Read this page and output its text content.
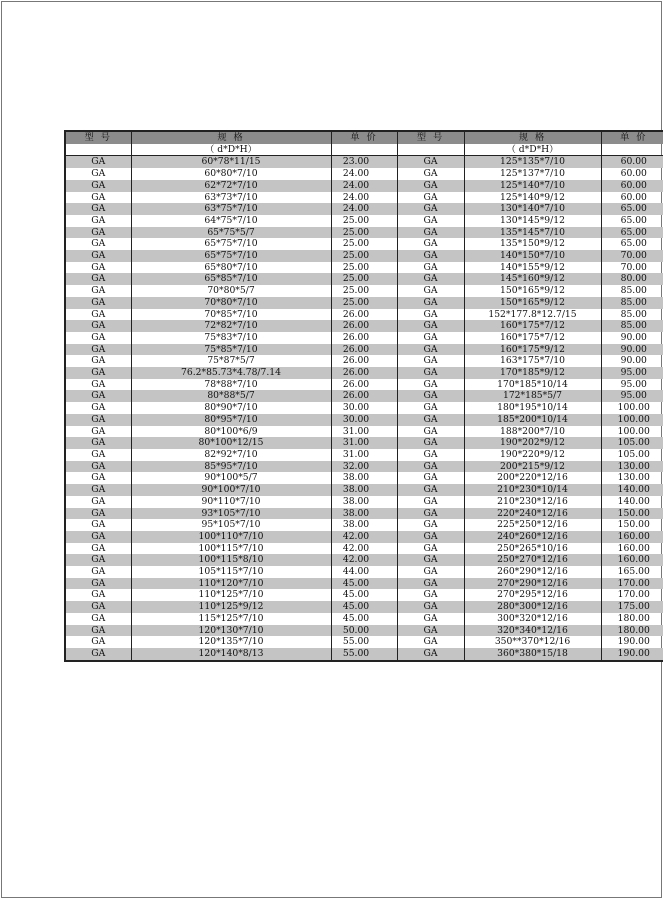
型 号	规 格	单 价	型 号	规 格	单 价
	（ d*D*H）			（ d*D*H）	
GA	60*78*11/15	23.00	GA	125*135*7/10	60.00
GA	60*80*7/10	24.00	GA	125*137*7/10	60.00
GA	62*72*7/10	24.00	GA	125*140*7/10	60.00
GA	63*73*7/10	24.00	GA	125*140*9/12	60.00
GA	63*75*7/10	24.00	GA	130*140*7/10	65.00
GA	64*75*7/10	25.00	GA	130*145*9/12	65.00
GA	65*75*5/7	25.00	GA	135*145*7/10	65.00
GA	65*75*7/10	25.00	GA	135*150*9/12	65.00
GA	65*75*7/10	25.00	GA	140*150*7/10	70.00
GA	65*80*7/10	25.00	GA	140*155*9/12	70.00
GA	65*85*7/10	25.00	GA	145*160*9/12	80.00
GA	70*80*5/7	25.00	GA	150*165*9/12	85.00
GA	70*80*7/10	25.00	GA	150*165*9/12	85.00
GA	70*85*7/10	26.00	GA	152*177.8*12.7/15	85.00
GA	72*82*7/10	26.00	GA	160*175*7/12	85.00
GA	75*83*7/10	26.00	GA	160*175*7/12	90.00
GA	75*85*7/10	26.00	GA	160*175*9/12	90.00
GA	75*87*5/7	26.00	GA	163*175*7/10	90.00
GA	76.2*85.73*4.78/7.14	26.00	GA	170*185*9/12	95.00
GA	78*88*7/10	26.00	GA	170*185*10/14	95.00
GA	80*88*5/7	26.00	GA	172*185*5/7	95.00
GA	80*90*7/10	30.00	GA	180*195*10/14	100.00
GA	80*95*7/10	30.00	GA	185*200*10/14	100.00
GA	80*100*6/9	31.00	GA	188*200*7/10	100.00
GA	80*100*12/15	31.00	GA	190*202*9/12	105.00
GA	82*92*7/10	31.00	GA	190*220*9/12	105.00
GA	85*95*7/10	32.00	GA	200*215*9/12	130.00
GA	90*100*5/7	38.00	GA	200*220*12/16	130.00
GA	90*100*7/10	38.00	GA	210*230*10/14	140.00
GA	90*110*7/10	38.00	GA	210*230*12/16	140.00
GA	93*105*7/10	38.00	GA	220*240*12/16	150.00
GA	95*105*7/10	38.00	GA	225*250*12/16	150.00
GA	100*110*7/10	42.00	GA	240*260*12/16	160.00
GA	100*115*7/10	42.00	GA	250*265*10/16	160.00
GA	100*115*8/10	42.00	GA	250*270*12/16	160.00
GA	105*115*7/10	44.00	GA	260*290*12/16	165.00
GA	110*120*7/10	45.00	GA	270*290*12/16	170.00
GA	110*125*7/10	45.00	GA	270*295*12/16	170.00
GA	110*125*9/12	45.00	GA	280*300*12/16	175.00
GA	115*125*7/10	45.00	GA	300*320*12/16	180.00
GA	120*130*7/10	50.00	GA	320*340*12/16	180.00
GA	120*135*7/10	55.00	GA	350**370*12/16	190.00
GA	120*140*8/13	55.00	GA	360*380*15/18	190.00
